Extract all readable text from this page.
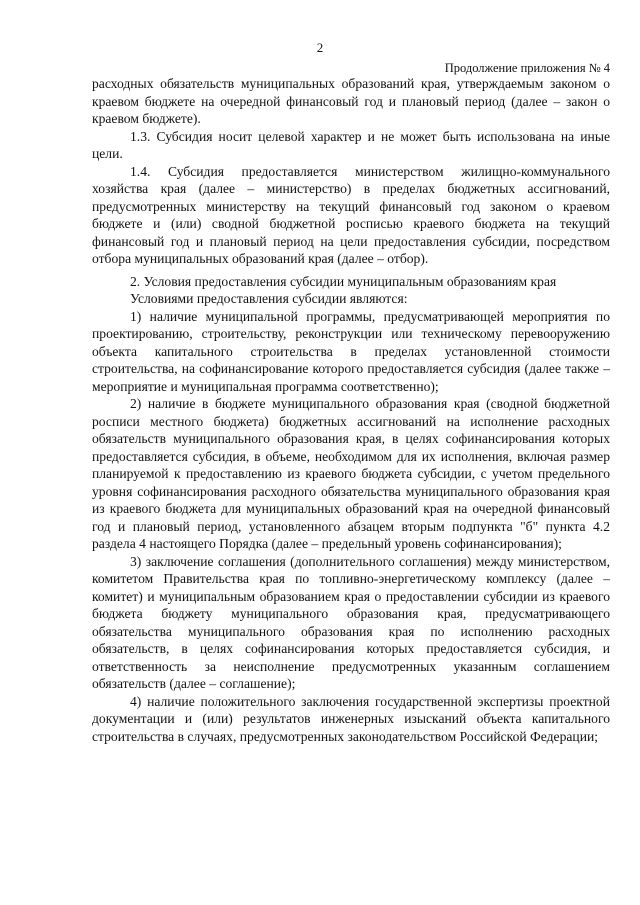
2
Продолжение приложения № 4

расходных обязательств муниципальных образований края, утверждаемым законом о краевом бюджете на очередной финансовый год и плановый период (далее – закон о краевом бюджете).

1.3. Субсидия носит целевой характер и не может быть использована на иные цели.

1.4. Субсидия предоставляется министерством жилищно-коммунального хозяйства края (далее – министерство) в пределах бюджетных ассигнований, предусмотренных министерству на текущий финансовый год законом о краевом бюджете и (или) сводной бюджетной росписью краевого бюджета на текущий финансовый год и плановый период на цели предоставления субсидии, посредством отбора муниципальных образований края (далее – отбор).

2. Условия предоставления субсидии муниципальным образованиям края

Условиями предоставления субсидии являются:

1) наличие муниципальной программы, предусматривающей мероприятия по проектированию, строительству, реконструкции или техническому перевооружению объекта капитального строительства в пределах установленной стоимости строительства, на софинансирование которого предоставляется субсидия (далее также – мероприятие и муниципальная программа соответственно);

2) наличие в бюджете муниципального образования края (сводной бюджетной росписи местного бюджета) бюджетных ассигнований на исполнение расходных обязательств муниципального образования края, в целях софинансирования которых предоставляется субсидия, в объеме, необходимом для их исполнения, включая размер планируемой к предоставлению из краевого бюджета субсидии, с учетом предельного уровня софинансирования расходного обязательства муниципального образования края из краевого бюджета для муниципальных образований края на очередной финансовый год и плановый период, установленного абзацем вторым подпункта "б" пункта 4.2 раздела 4 настоящего Порядка (далее – предельный уровень софинансирования);

3) заключение соглашения (дополнительного соглашения) между министерством, комитетом Правительства края по топливно-энергетическому комплексу (далее – комитет) и муниципальным образованием края о предоставлении субсидии из краевого бюджета бюджету муниципального образования края, предусматривающего обязательства муниципального образования края по исполнению расходных обязательств, в целях софинансирования которых предоставляется субсидия, и ответственность за неисполнение предусмотренных указанным соглашением обязательств (далее – соглашение);

4) наличие положительного заключения государственной экспертизы проектной документации и (или) результатов инженерных изысканий объекта капитального строительства в случаях, предусмотренных законодательством Российской Федерации;
